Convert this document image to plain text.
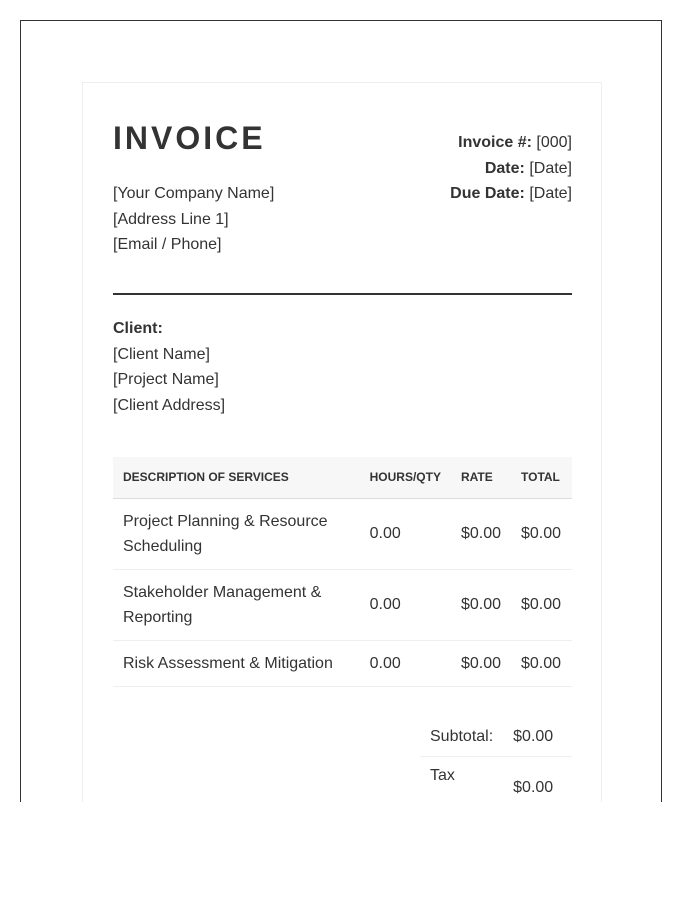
INVOICE
[Your Company Name]
[Address Line 1]
[Email / Phone]
Invoice #: [000]
Date: [Date]
Due Date: [Date]
Client:
[Client Name]
[Project Name]
[Client Address]
DESCRIPTION OF SERVICES	HOURS/QTY	RATE	TOTAL
Project Planning & Resource Scheduling	0.00	$0.00	$0.00
Stakeholder Management & Reporting	0.00	$0.00	$0.00
Risk Assessment & Mitigation	0.00	$0.00	$0.00
Subtotal:	$0.00
Tax	$0.00
